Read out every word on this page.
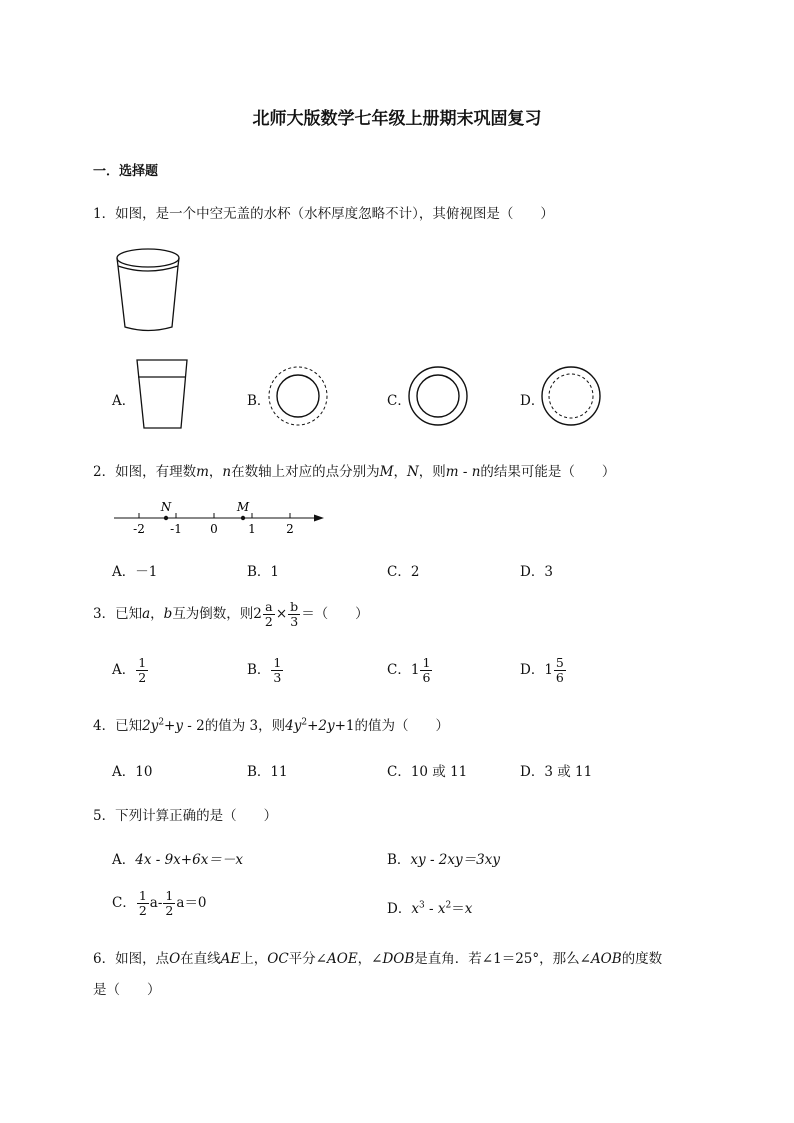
北师大版数学七年级上册期末巩固复习
一．选择题
1．如图，是一个中空无盖的水杯（水杯厚度忽略不计），其俯视图是（　　）
A．	B．	C．	D．
2．如图，有理数m，n在数轴上对应的点分别为M，N，则m - n的结果可能是（　　）
-2 -1 0	1	2
N	M
A．－1	B．1	C．2	D．3
3．已知a，b互为倒数，则$2 \frac{a}{2} \times \frac{b}{3}$ ＝（　　）
A． $\frac{1}{2}$	B． $\frac{1}{3}$	C．$1 \frac{1}{6}$	D．$1 \frac{5}{6}$
4．已知$2y^2+y - 2$的值为 3，则$4y^2+2y+1$的值为（　　）
A．10	B．11	C．10 或 11	D．3 或 11
5．下列计算正确的是（　　）
A．4x - 9x+6x＝－x	B．xy - 2xy＝3xy
C． $\frac{1}{2} a- \frac{1}{2} a=0$	D．$x^3 - x^2=x$
6．如图，点O在直线AE上，OC平分∠AOE，∠DOB是直角．若∠1＝25°，那么∠AOB的度数
是（　　）
